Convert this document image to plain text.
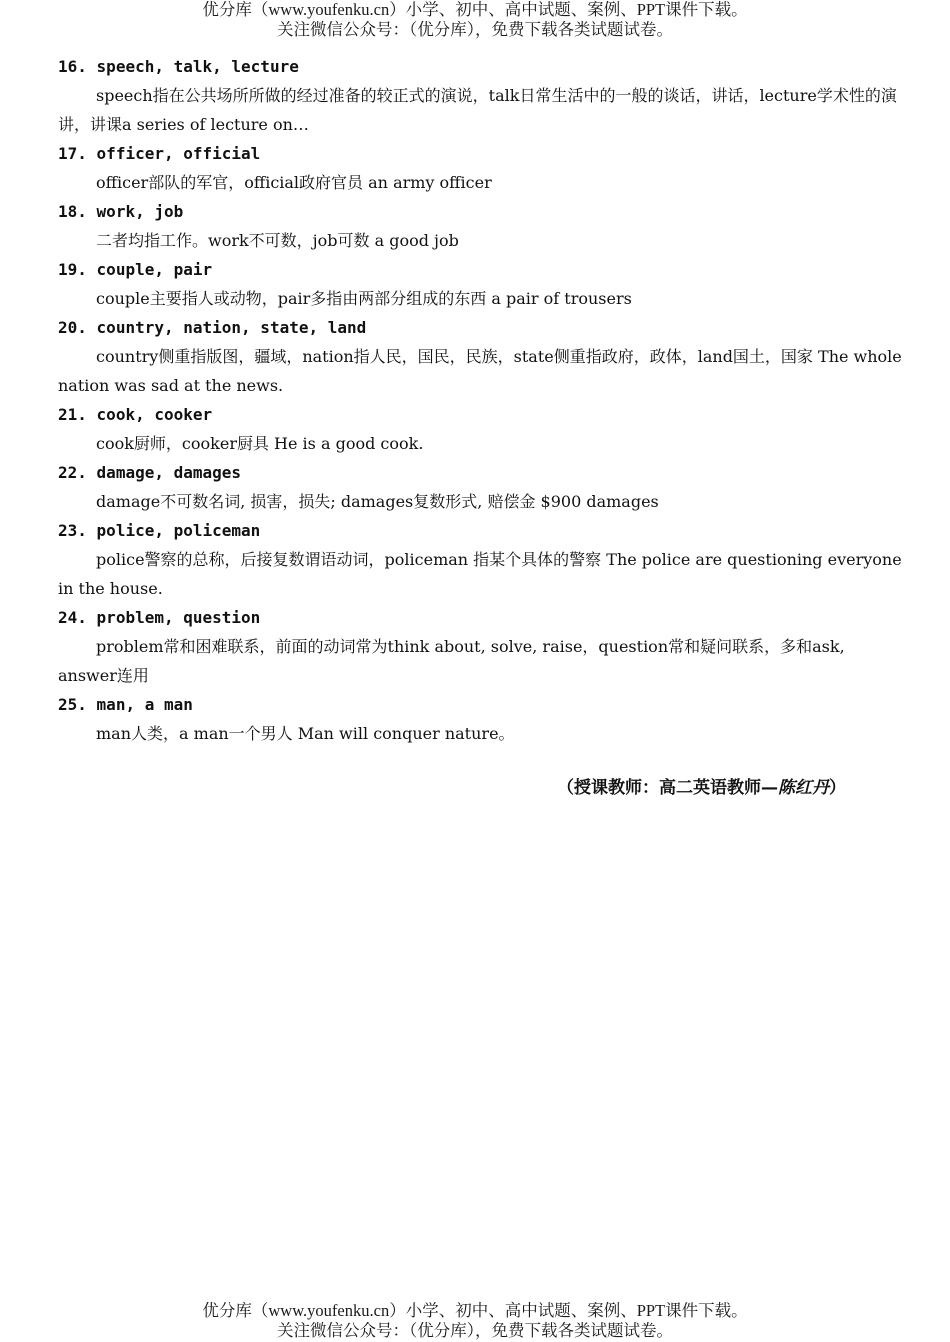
优分库（www.youfenku.cn）小学、初中、高中试题、案例、PPT课件下载。
关注微信公众号：（优分库），免费下载各类试题试卷。
16. speech, talk, lecture

speech指在公共场所所做的经过准备的较正式的演说，talk日常生活中的一般的谈话，讲话，lecture学术性的演讲，讲课a series of lecture on…

17. officer, official

officer部队的军官，official政府官员 an army officer

18. work, job

二者均指工作。work不可数，job可数 a good job

19. couple, pair

couple主要指人或动物，pair多指由两部分组成的东西 a pair of trousers

20. country, nation, state, land

country侧重指版图，疆域，nation指人民，国民，民族，state侧重指政府，政体，land国土，国家 The whole nation was sad at the news.

21. cook, cooker

cook厨师，cooker厨具 He is a good cook.

22. damage, damages

damage不可数名词, 损害，损失; damages复数形式, 赔偿金 $900 damages

23. police, policeman

police警察的总称，后接复数谓语动词，policeman 指某个具体的警察 The police are questioning everyone in the house.

24. problem, question

problem常和困难联系，前面的动词常为think about, solve, raise，question常和疑问联系，多和ask, answer连用

25. man, a man

man人类，a man一个男人 Man will conquer nature。

（授课教师：高二英语教师—陈红丹）
优分库（www.youfenku.cn）小学、初中、高中试题、案例、PPT课件下载。
关注微信公众号：（优分库），免费下载各类试题试卷。
